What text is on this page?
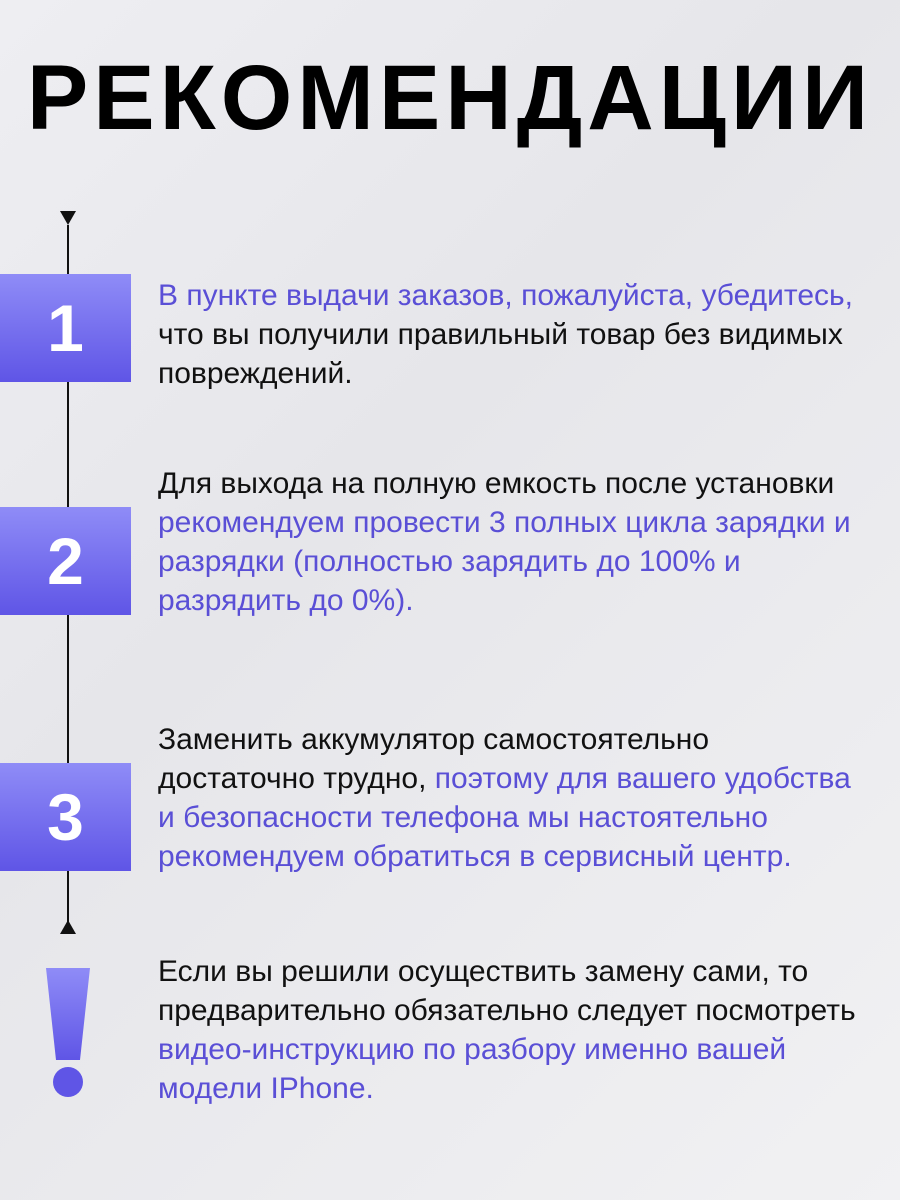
РЕКОМЕНДАЦИИ
1	В пункте выдачи заказов, пожалуйста, убедитесь, что вы получили правильный товар без видимых повреждений.
2
Для выхода на полную емкость после установки рекомендуем провести 3 полных цикла зарядки и разрядки (полностью зарядить до 100% и разрядить до 0%).
3
Заменить аккумулятор самостоятельно достаточно трудно, поэтому для вашего удобства и безопасности телефона мы настоятельно рекомендуем обратиться в сервисный центр.
Если вы решили осуществить замену сами, то предварительно обязательно следует посмотреть видео-инструкцию по разбору именно вашей модели IPhone.
